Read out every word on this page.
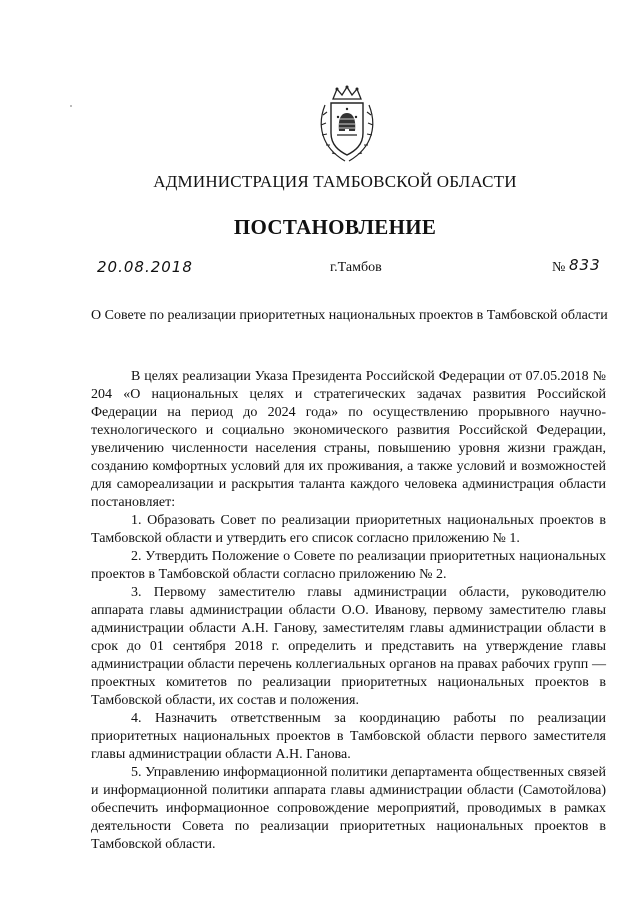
АДМИНИСТРАЦИЯ ТАМБОВСКОЙ ОБЛАСТИ
ПОСТАНОВЛЕНИЕ
20.08.2018	г.Тамбов	№ 833
О Совете по реализации приоритетных национальных проектов в Тамбовской области

В целях реализации Указа Президента Российской Федерации от 07.05.2018 № 204 «О национальных целях и стратегических задачах развития Российской Федерации на период до 2024 года» по осуществлению прорывного научно-технологического и социально экономического развития Российской Федерации, увеличению численности населения страны, повышению уровня жизни граждан, созданию комфортных условий для их проживания, а также условий и возможностей для самореализации и раскрытия таланта каждого человека администрация области постановляет:

1. Образовать Совет по реализации приоритетных национальных проектов в Тамбовской области и утвердить его список согласно приложению № 1.

2. Утвердить Положение о Совете по реализации приоритетных национальных проектов в Тамбовской области согласно приложению № 2.

3. Первому заместителю главы администрации области, руководителю аппарата главы администрации области О.О. Иванову, первому заместителю главы администрации области А.Н. Ганову, заместителям главы администрации области в срок до 01 сентября 2018 г. определить и представить на утверждение главы администрации области перечень коллегиальных органов на правах рабочих групп — проектных комитетов по реализации приоритетных национальных проектов в Тамбовской области, их состав и положения.

4. Назначить ответственным за координацию работы по реализации приоритетных национальных проектов в Тамбовской области первого заместителя главы администрации области А.Н. Ганова.

5. Управлению информационной политики департамента общественных связей и информационной политики аппарата главы администрации области (Самотойлова) обеспечить информационное сопровождение мероприятий, проводимых в рамках деятельности Совета по реализации приоритетных национальных проектов в Тамбовской области.
